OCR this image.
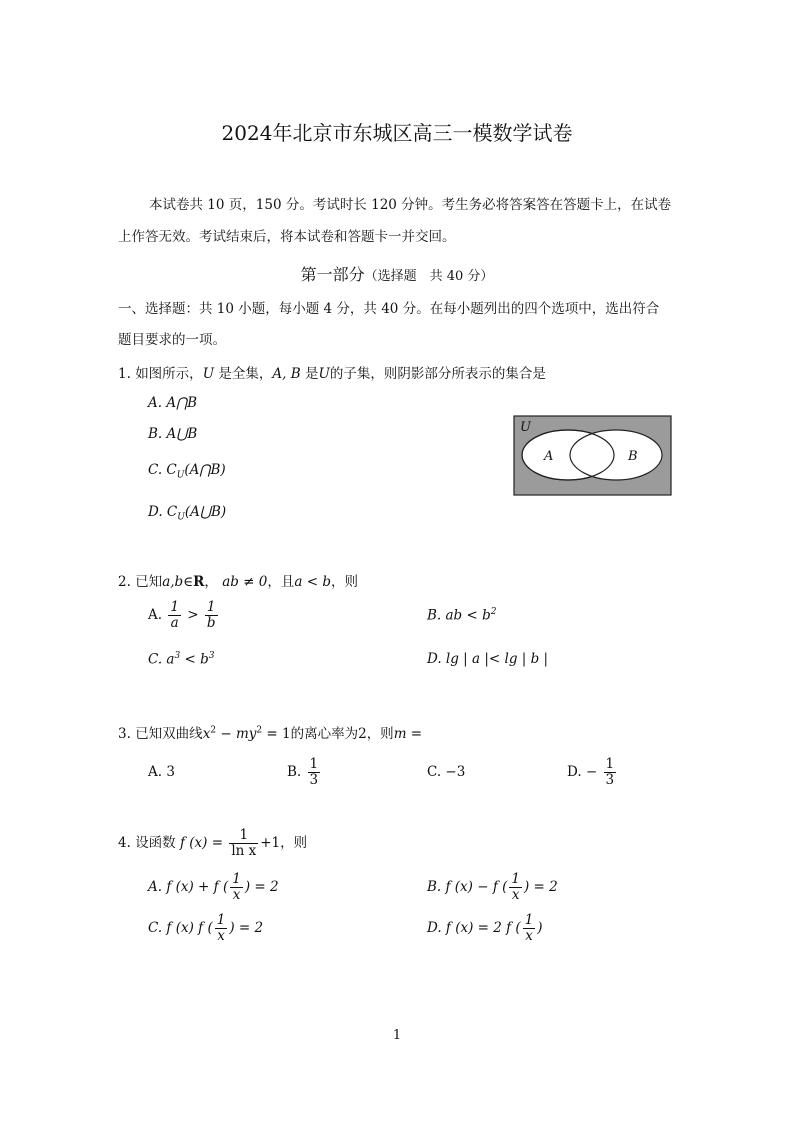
2024年北京市东城区高三一模数学试卷
本试卷共 10 页，150 分。考试时长 120 分钟。考生务必将答案答在答题卡上，在试卷
上作答无效。考试结束后，将本试卷和答题卡一并交回。
第一部分（选择题　共 40 分）
一、选择题：共 10 小题，每小题 4 分，共 40 分。在每小题列出的四个选项中，选出符合
题目要求的一项。
1. 如图所示，U 是全集，A, B 是U的子集，则阴影部分所表示的集合是
A. A⋂B
B. A⋃B
C. $C_U(A⋂B)$
D. $C_U(A⋃B)$
U
A	B
2. 已知a,b∈R， ab ≠ 0，且a < b，则
A. $\frac{1}{a} > \frac{1}{b}$	B. ab < $b^2$
C. $a^3 < b^3$	D. lg | a |< lg | b |
3. 已知双曲线$x^2 - my^2 = 1$的离心率为2，则m =
A. 3	B. $\frac{1}{3}$	C. −3	D. − $\frac{1}{3}$
4. 设函数 f $(x) = \frac{1}{\text{ln x}} +1$，则
A. f (x) + f ( $\frac{1}{x}$ ) = 2	B. f (x) − f ( $\frac{1}{x}$ ) = 2
C. f (x) f ( $\frac{1}{x}$ ) = 2	D. f (x) = 2 f ( $\frac{1}{x}$ )
1
